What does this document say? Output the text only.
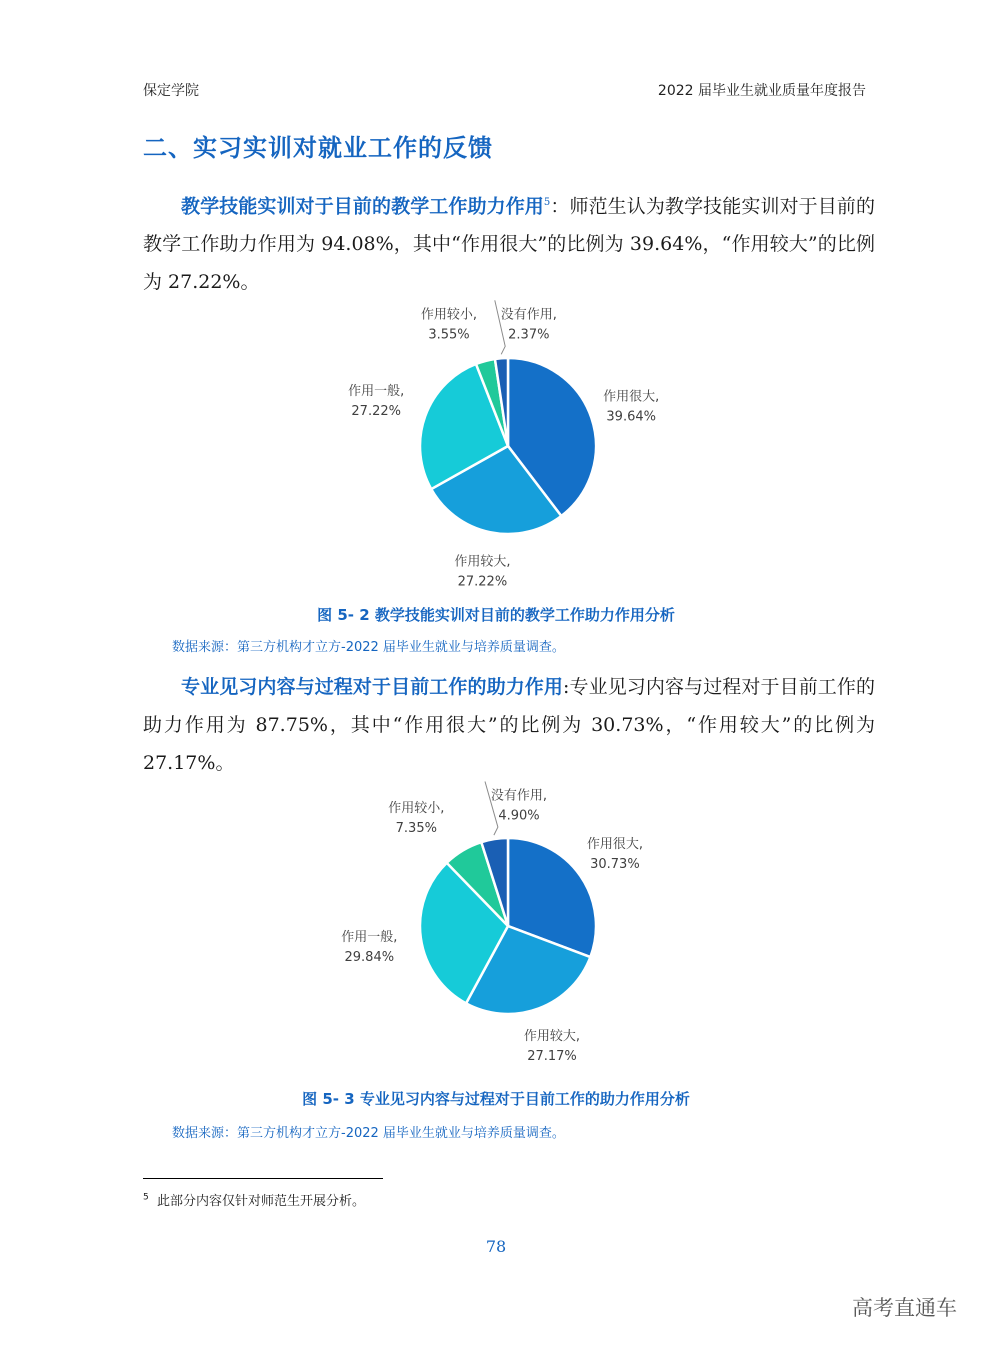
保定学院	2022 届毕业生就业质量年度报告
二、实习实训对就业工作的反馈
教学技能实训对于目前的教学工作助力作用$^5$：师范生认为教学技能实训对于目前的教学工作助力作用为 94.08%，其中“作用很大”的比例为 39.64%，“作用较大”的比例为 27.22%。
作用很大,
39.64%
作用较大,
27.22%
作用一般,
27.22%
作用较小,
3.55%
没有作用,
2.37%
图 5- 2 教学技能实训对目前的教学工作助力作用分析
数据来源：第三方机构才立方-2022 届毕业生就业与培养质量调查。
专业见习内容与过程对于目前工作的助力作用:专业见习内容与过程对于目前工作的助力作用为 87.75%，其中“作用很大”的比例为 30.73%，“作用较大”的比例为 27.17%。
作用很大,
30.73%
作用较大,
27.17%
作用一般,
29.84%
作用较小,
7.35%
没有作用,
4.90%
图 5- 3 专业见习内容与过程对于目前工作的助力作用分析
数据来源：第三方机构才立方-2022 届毕业生就业与培养质量调查。
$^5$ 此部分内容仅针对师范生开展分析。
78
高考直通车
